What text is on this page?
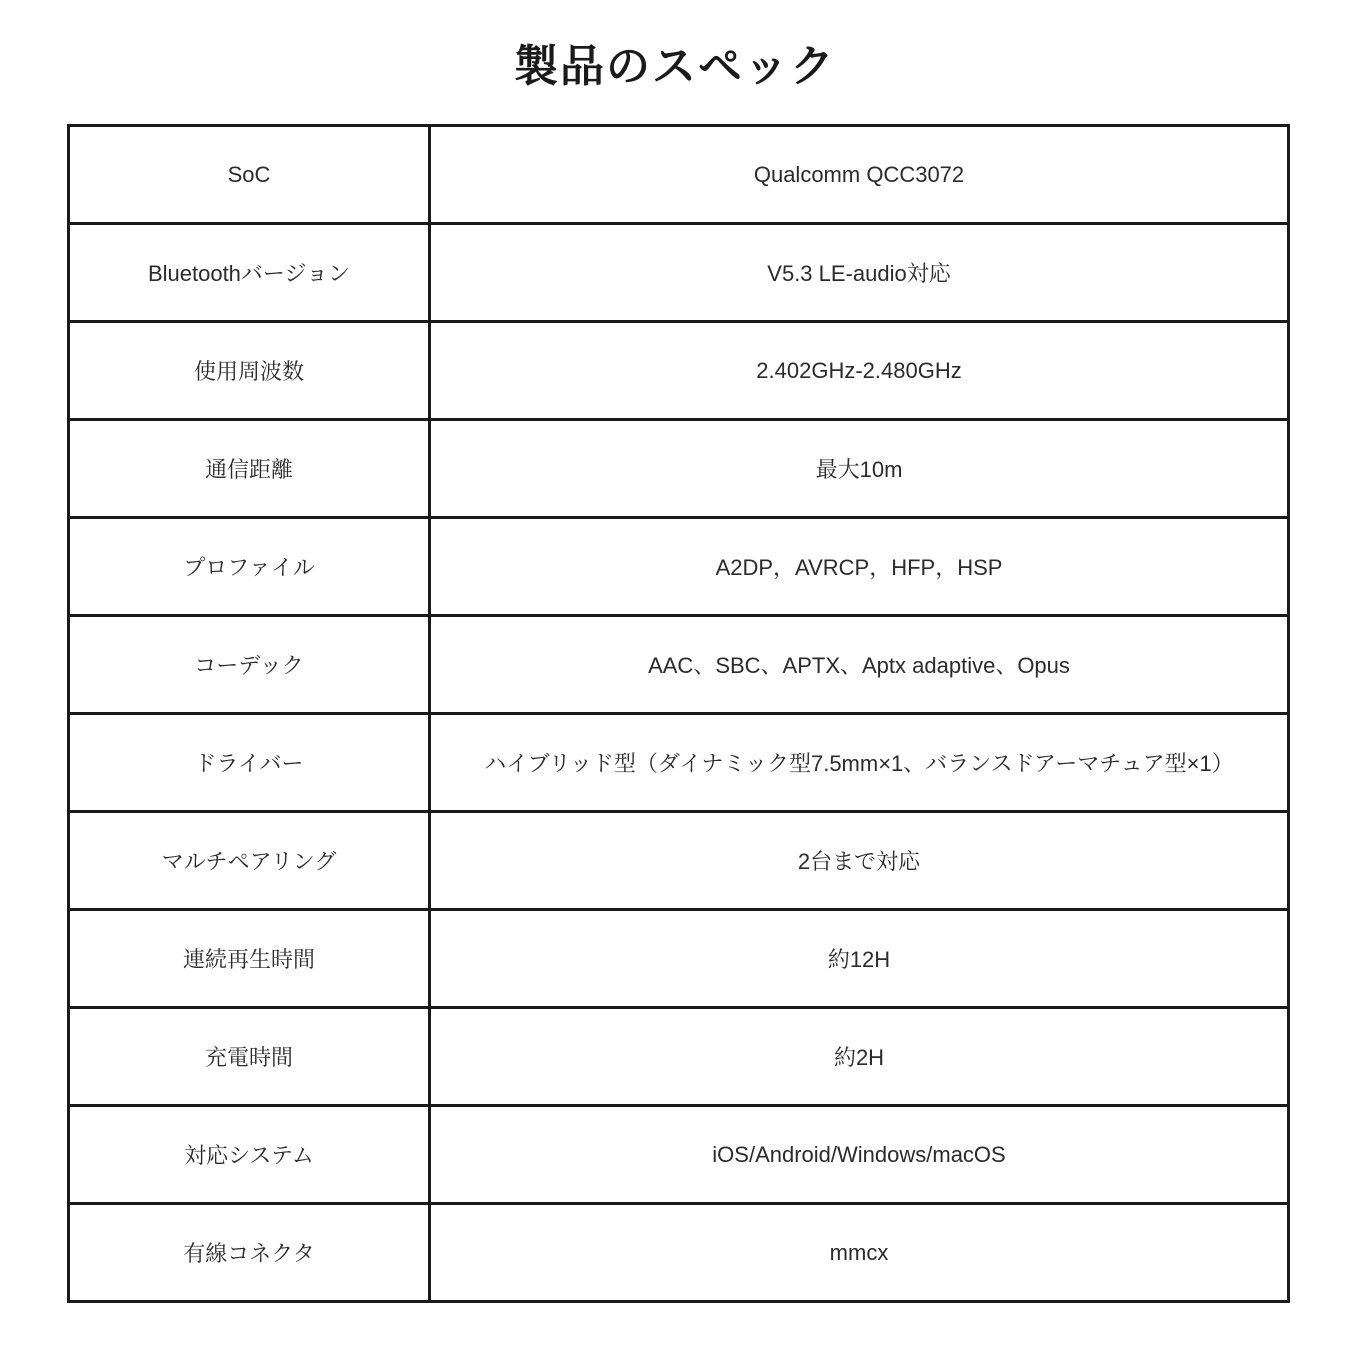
製品のスペック
SoC	Qualcomm QCC3072
Bluetoothバージョン	V5.3 LE-audio対応
使用周波数	2.402GHz-2.480GHz
通信距離	最大10m
プロファイル	A2DP，AVRCP，HFP，HSP
コーデック	AAC、SBC、APTX、Aptx adaptive、Opus
ドライバー	ハイブリッド型（ダイナミック型7.5mm×1、バランスドアーマチュア型×1）
マルチペアリング	2台まで対応
連続再生時間	約12H
充電時間	約2H
対応システム	iOS/Android/Windows/macOS
有線コネクタ	mmcx
